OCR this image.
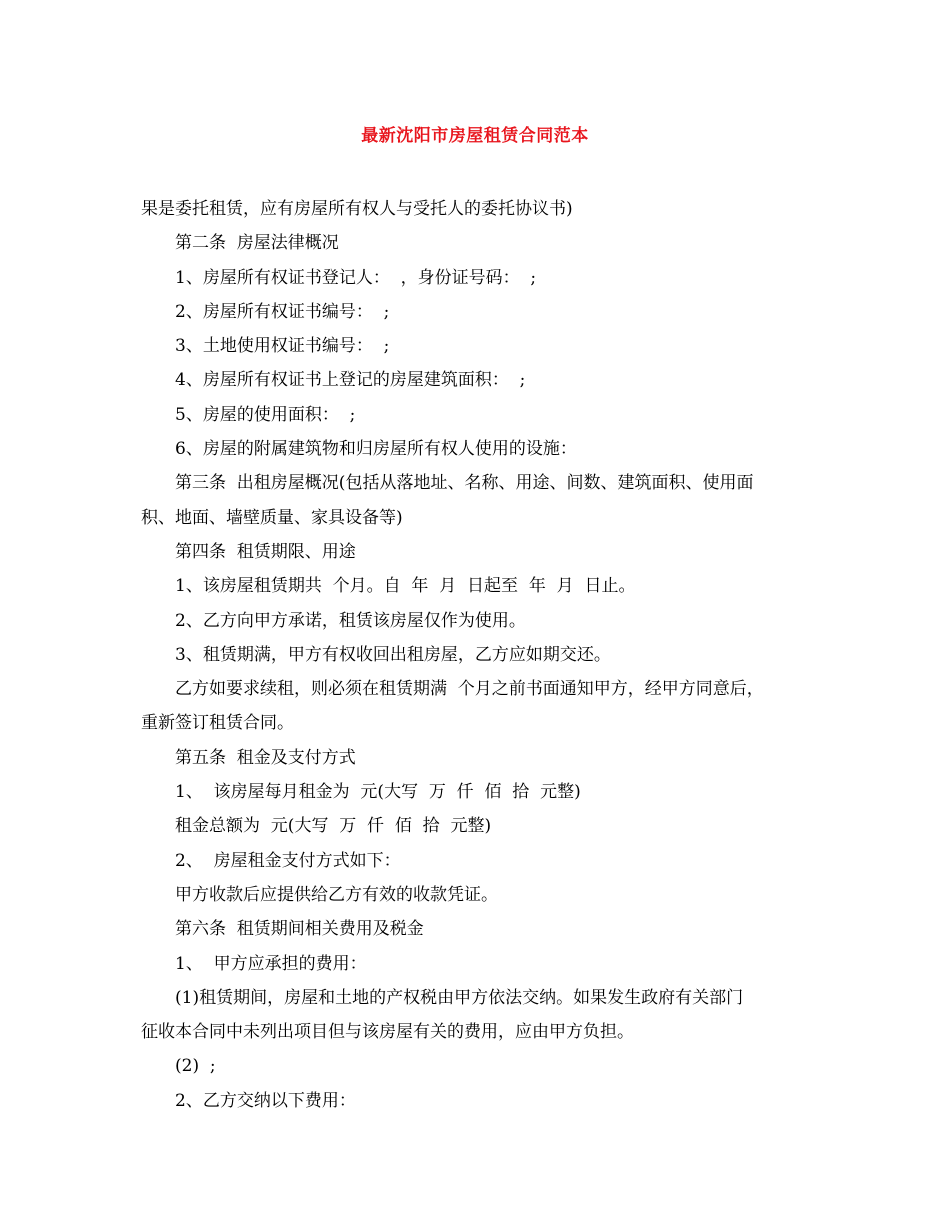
最新沈阳市房屋租赁合同范本
果是委托租赁，应有房屋所有权人与受托人的委托协议书)
第二条  房屋法律概况
1、房屋所有权证书登记人：  ，身份证号码：  ;
2、房屋所有权证书编号：  ;
3、土地使用权证书编号：  ;
4、房屋所有权证书上登记的房屋建筑面积：  ;
5、房屋的使用面积：  ;
6、房屋的附属建筑物和归房屋所有权人使用的设施：
第三条  出租房屋概况(包括从落地址、名称、用途、间数、建筑面积、使用面
积、地面、墙壁质量、家具设备等)
第四条  租赁期限、用途
1、该房屋租赁期共  个月。自  年  月  日起至  年  月  日止。
2、乙方向甲方承诺，租赁该房屋仅作为使用。
3、租赁期满，甲方有权收回出租房屋，乙方应如期交还。
乙方如要求续租，则必须在租赁期满  个月之前书面通知甲方，经甲方同意后，
重新签订租赁合同。
第五条  租金及支付方式
1、  该房屋每月租金为  元(大写  万  仟  佰  拾  元整)
租金总额为  元(大写  万  仟  佰  拾  元整)
2、  房屋租金支付方式如下：
甲方收款后应提供给乙方有效的收款凭证。
第六条  租赁期间相关费用及税金
1、  甲方应承担的费用：
(1)租赁期间，房屋和土地的产权税由甲方依法交纳。如果发生政府有关部门
征收本合同中未列出项目但与该房屋有关的费用，应由甲方负担。
(2)  ;
2、乙方交纳以下费用：
